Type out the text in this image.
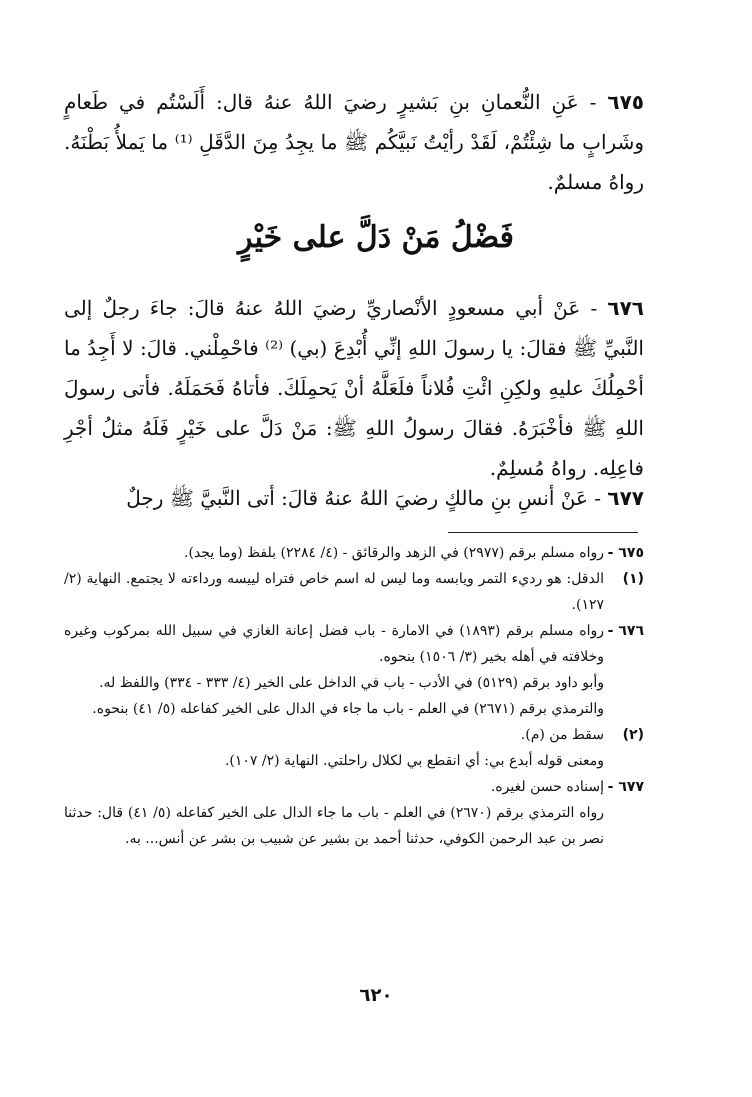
٦٧٥ - عَنِ النُّعمانِ بنِ بَشيرٍ رضيَ اللهُ عنهُ قال: أَلَسْتُم في طَعامٍ وشَرابٍ ما شِئْتُمْ، لَقَدْ رأيْتُ نَبيَّكُم ﷺ ما يجِدُ مِنَ الدَّقَلِ ⁽¹⁾ ما يَملأُ بَطْنَهُ. رواهُ مسلمٌ.

فَضْلُ مَنْ دَلَّ على خَيْرٍ

٦٧٦ - عَنْ أبي مسعودٍ الأنْصاريِّ رضيَ اللهُ عنهُ قالَ: جاءَ رجلٌ إلى النَّبيِّ ﷺ فقالَ: يا رسولَ اللهِ إنِّي أُبْدِعَ (بي) ⁽²⁾ فاحْمِلْني. قالَ: لا أَجِدُ ما أحْمِلُكَ عليهِ ولكِنِ ائْتِ فُلاناً فلَعَلَّهُ أنْ يَحمِلَكَ. فأتاهُ فَحَمَلَهُ. فأتى رسولَ اللهِ ﷺ فأخْبَرَهُ. فقالَ رسولُ اللهِ ﷺ: مَنْ دَلَّ على خَيْرٍ فَلَهُ مثلُ أجْرِ فاعِلِه. رواهُ مُسلِمٌ.

٦٧٧ - عَنْ أنسِ بنِ مالكٍ رضيَ اللهُ عنهُ قالَ: أتى النَّبيَّ ﷺ رجلٌ

٦٧٥ -
رواه مسلم برقم (٢٩٧٧) في الزهد والرقائق - (٤/ ٢٢٨٤) بلفظ (وما يجد).
(١)
الدقل: هو رديء التمر ويابسه وما ليس له اسم خاص فتراه لييسه ورداءته لا يجتمع. النهاية (٢/ ١٢٧).
٦٧٦ -
رواه مسلم برقم (١٨٩٣) في الامارة - باب فضل إعانة الغازي في سبيل الله بمركوب وغيره وخلافته في أهله بخير (٣/ ١٥٠٦) بنحوه.
وأبو داود برقم (٥١٢٩) في الأدب - باب في الداخل على الخير (٤/ ٣٣٣ - ٣٣٤) واللفظ له.
والترمذي برقم (٢٦٧١) في العلم - باب ما جاء في الدال على الخير كفاعله (٥/ ٤١) بنحوه.
(٢)
سقط من (م).
ومعنى قوله أبدع بي: أي انقطع بي لكلال راحلتي. النهاية (٢/ ١٠٧).
٦٧٧ -
إسناده حسن لغيره.
رواه الترمذي برقم (٢٦٧٠) في العلم - باب ما جاء الدال على الخير كفاعله (٥/ ٤١) قال: حدثنا نصر بن عبد الرحمن الكوفي، حدثنا أحمد بن بشير عن شبيب بن بشر عن أنس... به.
٦٢٠
